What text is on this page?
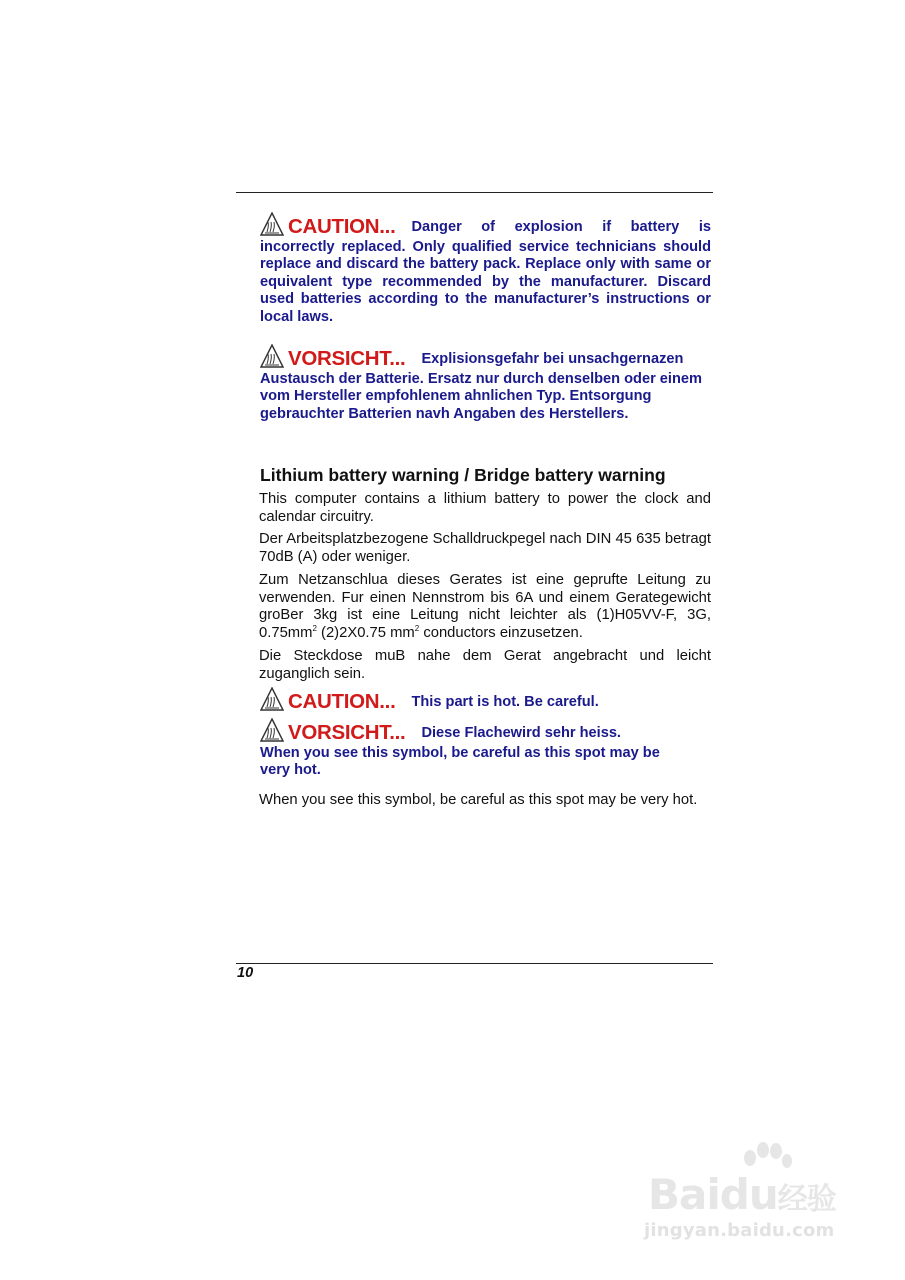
CAUTION... Danger of explosion if battery is incorrectly replaced. Only qualified service technicians should replace and discard the battery pack. Replace only with same or equivalent type recommended by the manufacturer. Discard used batteries according to the manufacturer’s instructions or local laws.
VORSICHT... Explisionsgefahr bei unsachgernazen Austausch der Batterie. Ersatz nur durch denselben oder einem vom Hersteller empfohlenem ahnlichen Typ. Entsorgung gebrauchter Batterien navh Angaben des Herstellers.
Lithium battery warning / Bridge battery warning
This computer contains a lithium battery to power the clock and calendar circuitry.
Der Arbeitsplatzbezogene Schalldruckpegel nach DIN 45 635 betragt 70dB (A) oder weniger.
Zum Netzanschlua dieses Gerates ist eine geprufte Leitung zu verwenden. Fur einen Nennstrom bis 6A und einem Gerategewicht groBer 3kg ist eine Leitung nicht leichter als (1)H05VV-F, 3G, $0.75mm^2$ (2)2X0.75 $mm^2$ conductors einzusetzen.
Die Steckdose muB nahe dem Gerat angebracht und leicht zuganglich sein.
CAUTION... This part is hot. Be careful.
VORSICHT... Diese Flachewird sehr heiss.
When you see this symbol, be careful as this spot may be very hot.
When you see this symbol, be careful as this spot may be very hot.
10
Baidu经验
jingyan.baidu.com
